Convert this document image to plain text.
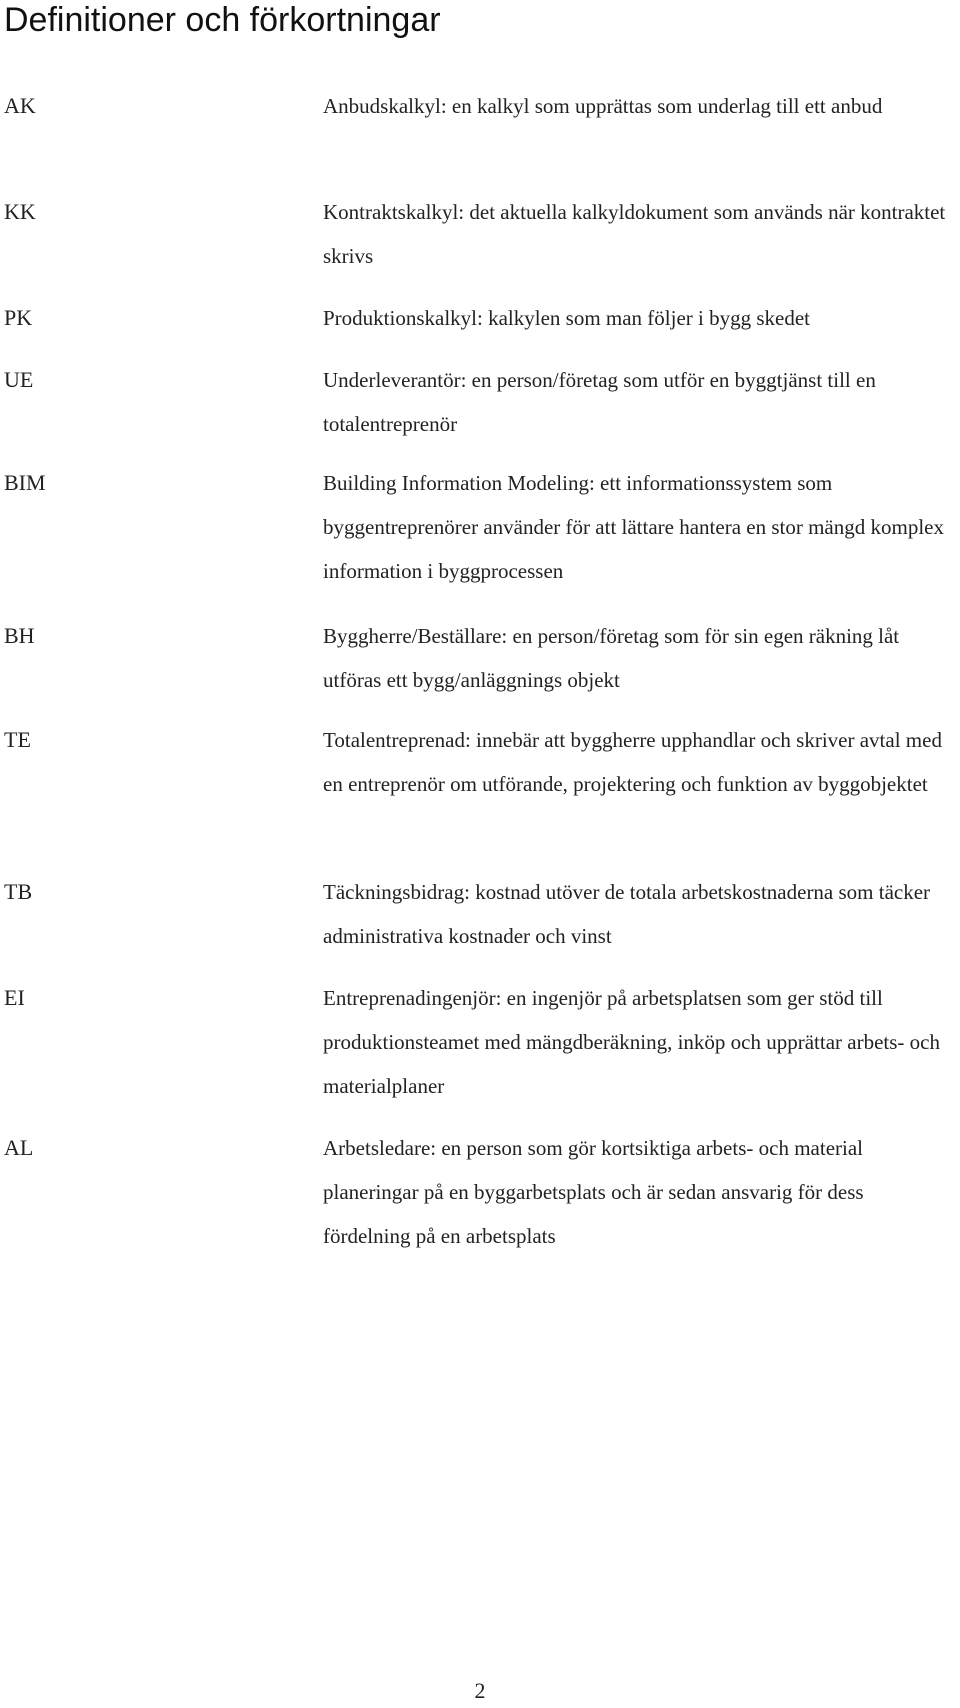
Definitioner och förkortningar
AK	Anbudskalkyl: en kalkyl som upprättas som underlag till ett anbud

KK	Kontraktskalkyl: det aktuella kalkyldokument som används när kontraktet skrivs

PK	Produktionskalkyl: kalkylen som man följer i bygg skedet

UE	Underleverantör: en person/företag som utför en byggtjänst till en totalentreprenör

BIM	Building Information Modeling: ett informationssystem som byggentreprenörer använder för att lättare hantera en stor mängd komplex information i byggprocessen

BH	Byggherre/Beställare: en person/företag som för sin egen räkning låt utföras ett bygg/anläggnings objekt

TE	Totalentreprenad: innebär att byggherre upphandlar och skriver avtal med en entreprenör om utförande, projektering och funktion av byggobjektet

TB	Täckningsbidrag: kostnad utöver de totala arbetskostnaderna som täcker administrativa kostnader och vinst

EI	Entreprenadingenjör: en ingenjör på arbetsplatsen som ger stöd till produktionsteamet med mängdberäkning, inköp och upprättar arbets- och materialplaner

AL	Arbetsledare: en person som gör kortsiktiga arbets- och material planeringar på en byggarbetsplats och är sedan ansvarig för dess fördelning på en arbetsplats

2
